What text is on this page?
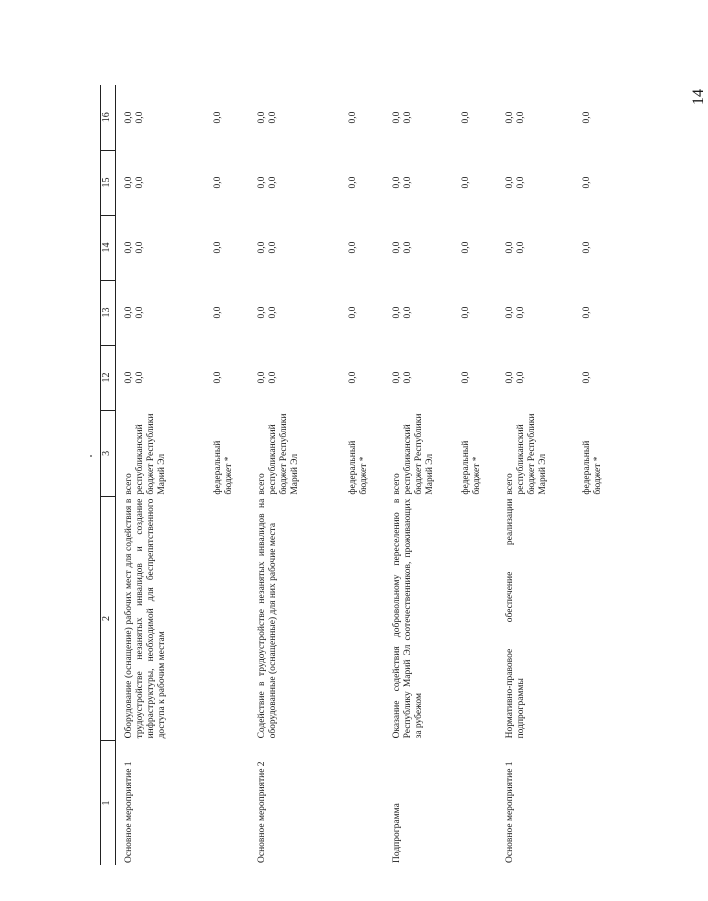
14
1	2	3	12	13	14	15	16
Основное мероприятие 1	Оборудование (оснащение) рабочих мест для содействия в трудоустройстве незанятых инвалидов и создание инфраструктуры, необходимой для беспрепятственного доступа к рабочим местам	всего	0,0	0,0	0,0	0,0	0,0
		республиканский бюджет Республики Марий Эл	0,0	0,0	0,0	0,0	0,0
		федеральный бюджет *	0,0	0,0	0,0	0,0	0,0
Основное мероприятие 2	Содействие в трудоустройстве незанятых инвалидов на оборудованные (оснащенные) для них рабочие места	всего	0,0	0,0	0,0	0,0	0,0
		республиканский бюджет Республики Марий Эл	0,0	0,0	0,0	0,0	0,0
		федеральный бюджет *	0,0	0,0	0,0	0,0	0,0
Подпрограмма	Оказание содействия добровольному переселению в Республику Марий Эл соотечественников, проживающих за рубежом	всего	0,0	0,0	0,0	0,0	0,0
		республиканский бюджет Республики Марий Эл	0,0	0,0	0,0	0,0	0,0
		федеральный бюджет *	0,0	0,0	0,0	0,0	0,0
Основное мероприятие 1	Нормативно-правовое обеспечение реализации подпрограммы	всего	0,0	0,0	0,0	0,0	0,0
		республиканский бюджет Республики Марий Эл	0,0	0,0	0,0	0,0	0,0
		федеральный бюджет *	0,0	0,0	0,0	0,0	0,0
